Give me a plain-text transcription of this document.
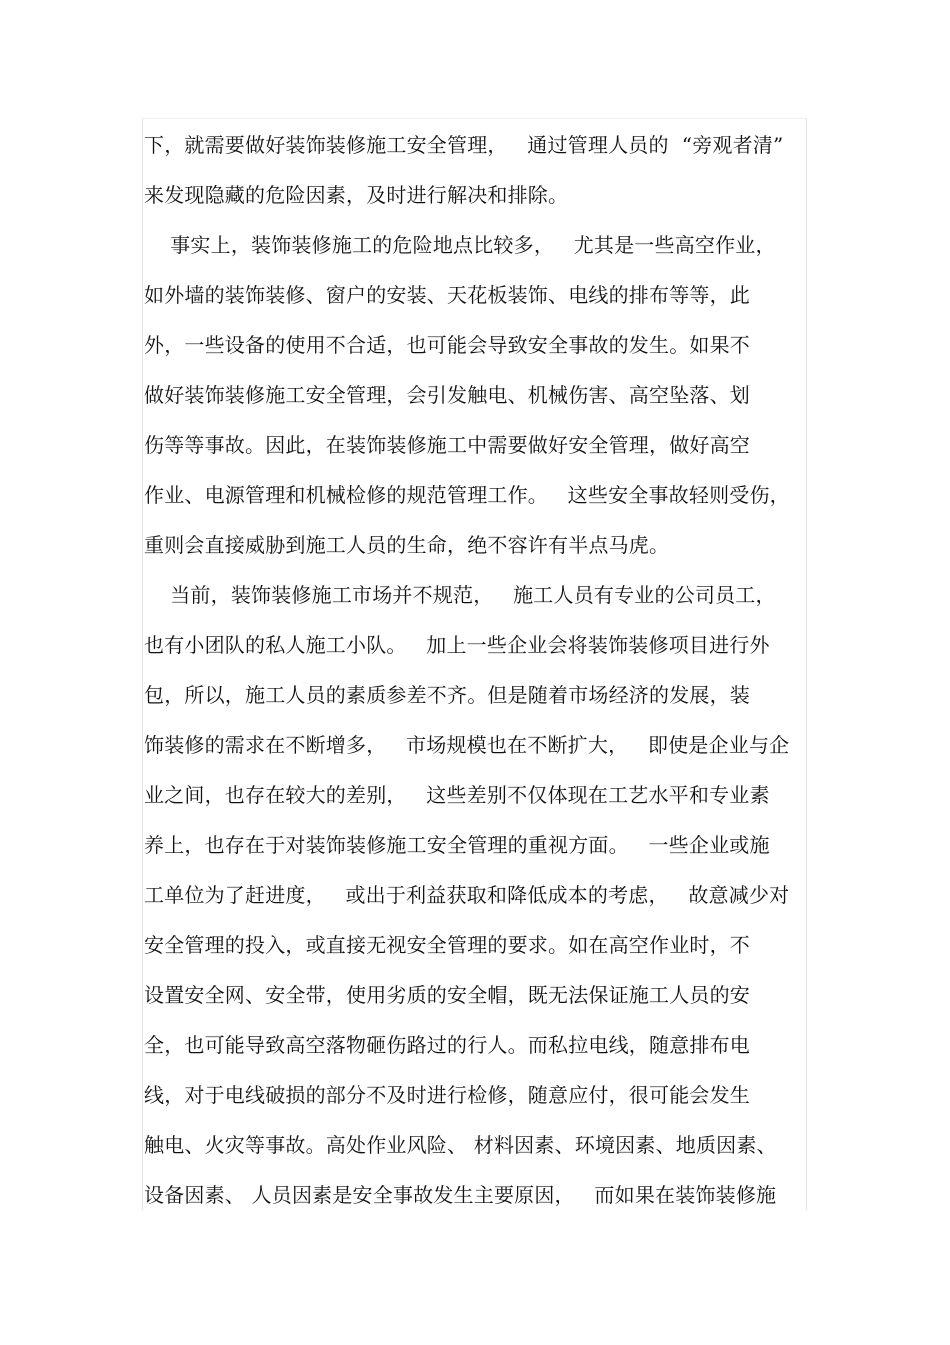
下，就需要做好装饰装修施工安全管理，   通过管理人员的  “旁观者清”
来发现隐藏的危险因素，及时进行解决和排除。
事实上，装饰装修施工的危险地点比较多，   尤其是一些高空作业，
如外墙的装饰装修、窗户的安装、天花板装饰、电线的排布等等，此
外，一些设备的使用不合适，也可能会导致安全事故的发生。如果不
做好装饰装修施工安全管理，会引发触电、机械伤害、高空坠落、划
伤等等事故。因此，在装饰装修施工中需要做好安全管理，做好高空
作业、电源管理和机械检修的规范管理工作。   这些安全事故轻则受伤，
重则会直接威胁到施工人员的生命，绝不容许有半点马虎。
当前，装饰装修施工市场并不规范，   施工人员有专业的公司员工，
也有小团队的私人施工小队。   加上一些企业会将装饰装修项目进行外
包，所以，施工人员的素质参差不齐。但是随着市场经济的发展，装
饰装修的需求在不断增多，   市场规模也在不断扩大，   即使是企业与企
业之间，也存在较大的差别，   这些差别不仅体现在工艺水平和专业素
养上，也存在于对装饰装修施工安全管理的重视方面。   一些企业或施
工单位为了赶进度，   或出于利益获取和降低成本的考虑，   故意减少对
安全管理的投入，或直接无视安全管理的要求。如在高空作业时，不
设置安全网、安全带，使用劣质的安全帽，既无法保证施工人员的安
全，也可能导致高空落物砸伤路过的行人。而私拉电线，随意排布电
线，对于电线破损的部分不及时进行检修，随意应付，很可能会发生
触电、火灾等事故。高处作业风险、 材料因素、环境因素、地质因素、
设备因素、 人员因素是安全事故发生主要原因，   而如果在装饰装修施
